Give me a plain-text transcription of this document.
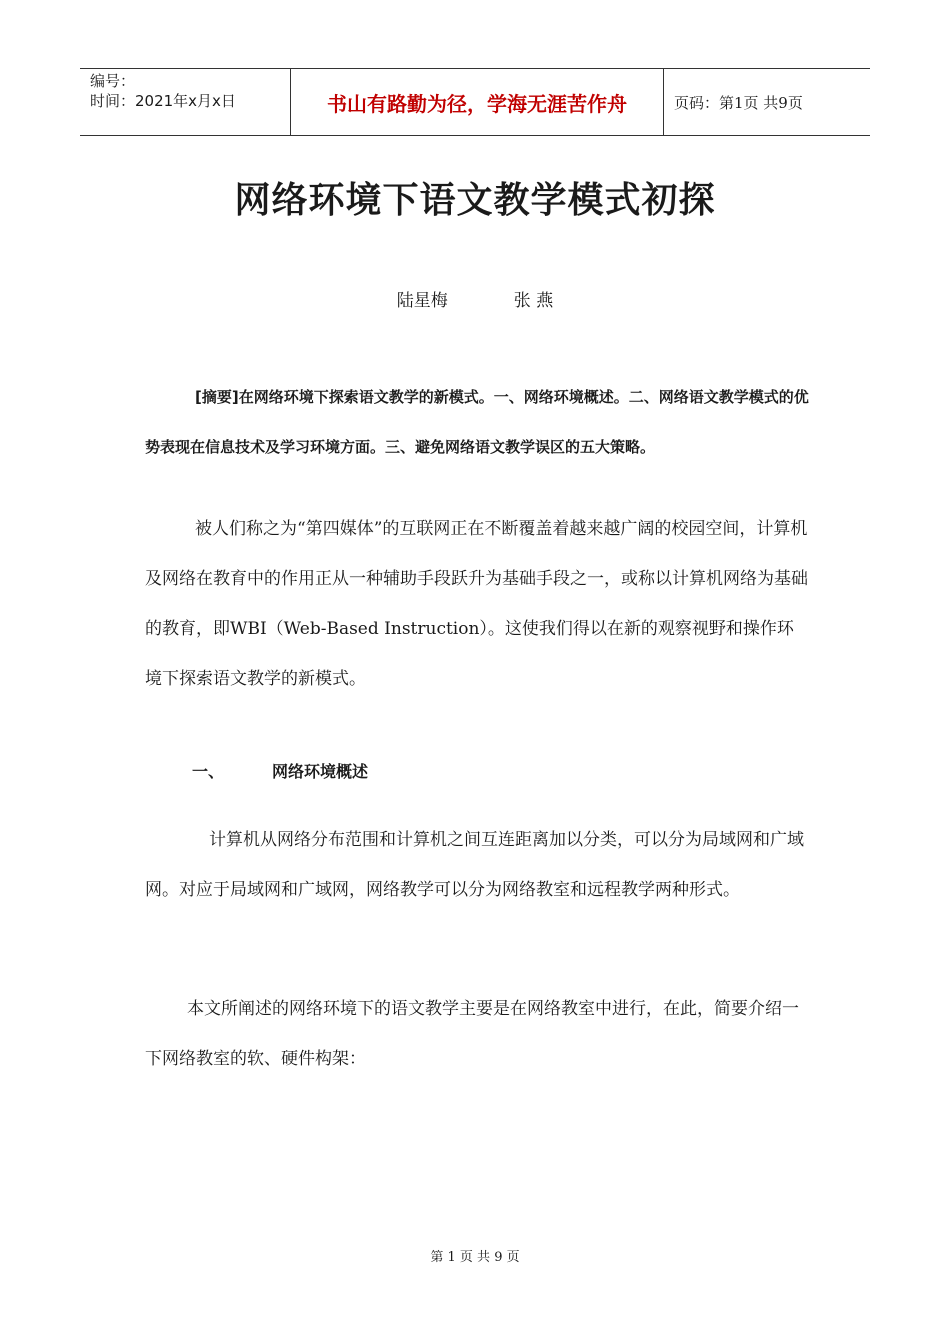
编号：
时间：2021年x月x日	书山有路勤为径，学海无涯苦作舟	页码：第1页 共9页
网络环境下语文教学模式初探
陆星梅	张 燕
[摘要]在网络环境下探索语文教学的新模式。一、网络环境概述。二、网络语文教学模式的优势表现在信息技术及学习环境方面。三、避免网络语文教学误区的五大策略。
被人们称之为“第四媒体”的互联网正在不断覆盖着越来越广阔的校园空间，计算机及网络在教育中的作用正从一种辅助手段跃升为基础手段之一，或称以计算机网络为基础的教育，即WBI（Web-Based Instruction）。这使我们得以在新的观察视野和操作环境下探索语文教学的新模式。
一、	网络环境概述
计算机从网络分布范围和计算机之间互连距离加以分类，可以分为局域网和广域网。对应于局域网和广域网，网络教学可以分为网络教室和远程教学两种形式。
本文所阐述的网络环境下的语文教学主要是在网络教室中进行，在此，简要介绍一下网络教室的软、硬件构架：
第 1 页 共 9 页
